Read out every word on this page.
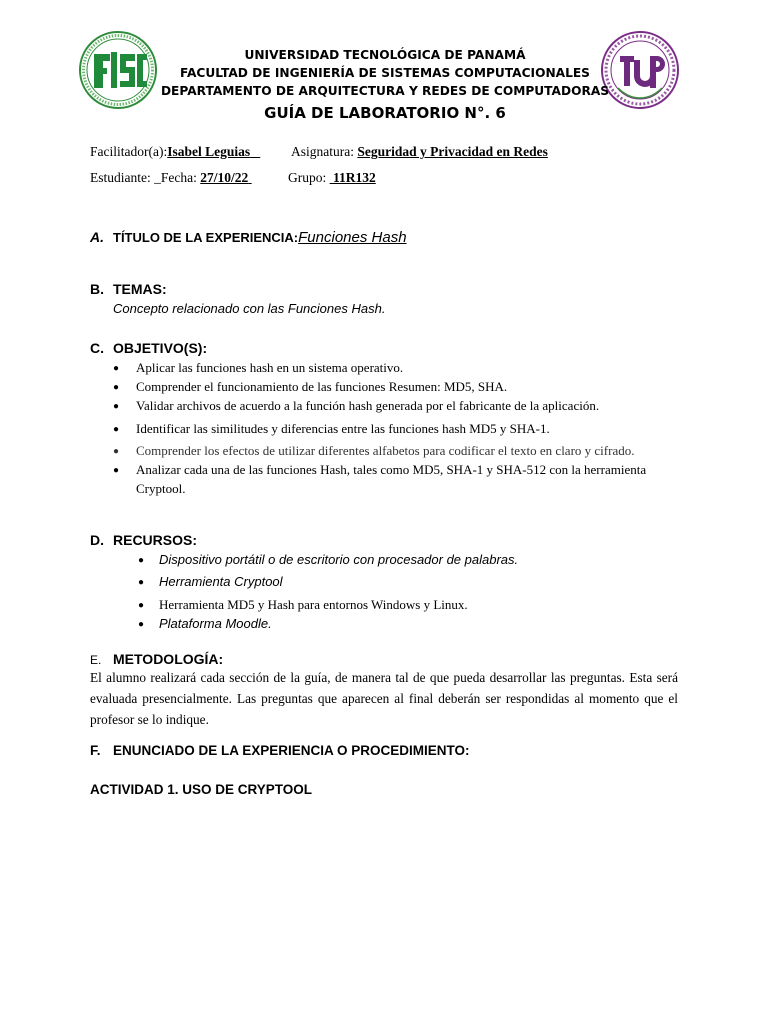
UNIVERSIDAD TECNOLÓGICA DE PANAMÁ
FACULTAD DE INGENIERÍA DE SISTEMAS COMPUTACIONALES
DEPARTAMENTO DE ARQUITECTURA Y REDES DE COMPUTADORAS
GUÍA DE LABORATORIO N°. 6
Facilitador(a):Isabel Leguias	Asignatura: Seguridad y Privacidad en Redes
Estudiante: _Fecha: 27/10/22	Grupo: 11R132
A. TÍTULO DE LA EXPERIENCIA:Funciones Hash
B. TEMAS:
Concepto relacionado con las Funciones Hash.
C. OBJETIVO(S):
● Aplicar las funciones hash en un sistema operativo.
● Comprender el funcionamiento de las funciones Resumen: MD5, SHA.
● Validar archivos de acuerdo a la función hash generada por el fabricante de la aplicación.
● Identificar las similitudes y diferencias entre las funciones hash MD5 y SHA-1.
● Comprender los efectos de utilizar diferentes alfabetos para codificar el texto en claro y cifrado.
● Analizar cada una de las funciones Hash, tales como MD5, SHA-1 y SHA-512 con la herramienta
Cryptool.
D. RECURSOS:
● Dispositivo portátil o de escritorio con procesador de palabras.
● Herramienta Cryptool
● Herramienta MD5 y Hash para entornos Windows y Linux.
● Plataforma Moodle.
E. METODOLOGÍA:
El alumno realizará cada sección de la guía, de manera tal de que pueda desarrollar las preguntas. Esta será evaluada presencialmente. Las preguntas que aparecen al final deberán ser respondidas al momento que el profesor se lo indique.
F. ENUNCIADO DE LA EXPERIENCIA O PROCEDIMIENTO:
ACTIVIDAD 1. USO DE CRYPTOOL
